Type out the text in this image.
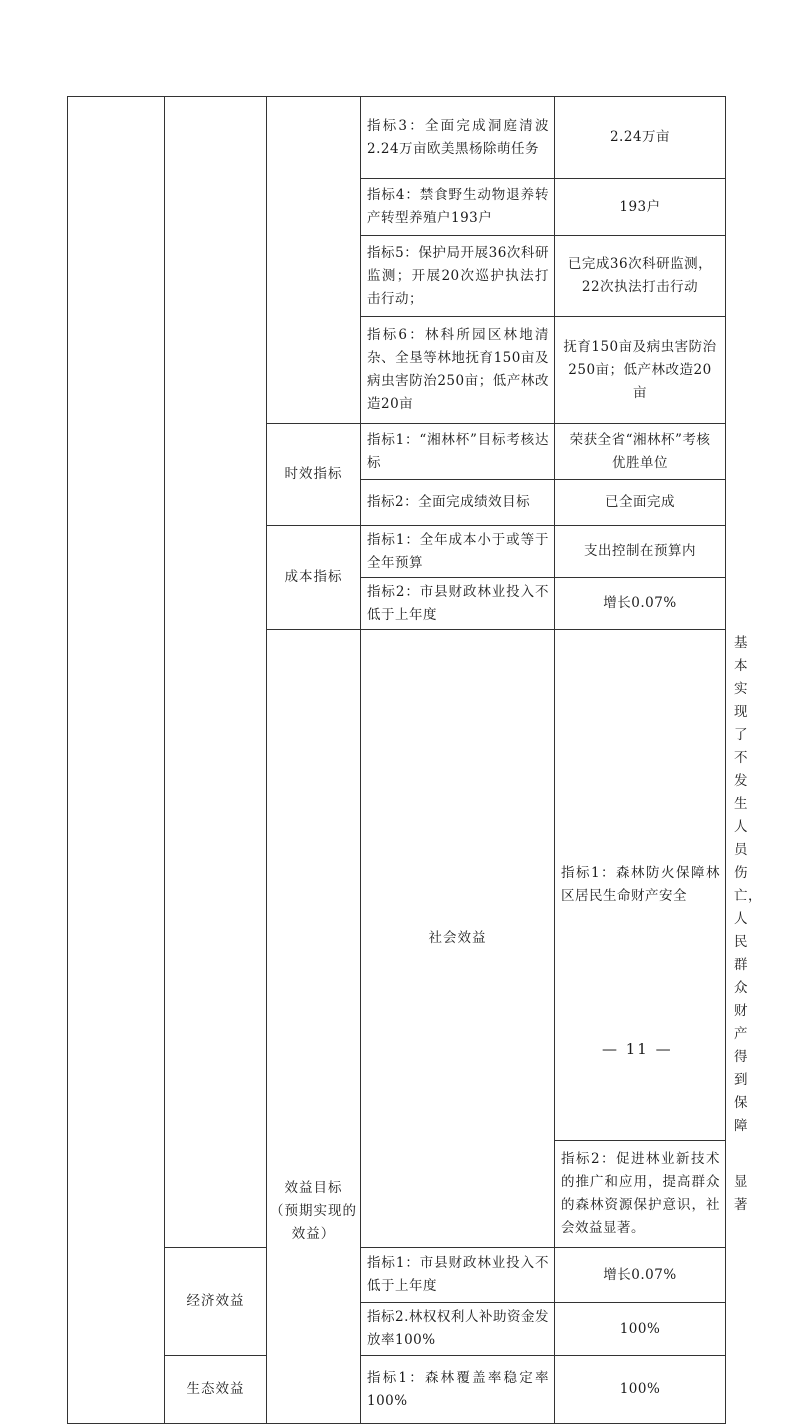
			指标3：全面完成洞庭清波2.24万亩欧美黑杨除萌任务	2.24万亩	
			指标4：禁食野生动物退养转产转型养殖户193户	193户	
			指标5：保护局开展36次科研监测；开展20次巡护执法打击行动；	已完成36次科研监测，22次执法打击行动	
			指标6：林科所园区林地清杂、全垦等林地抚育150亩及病虫害防治250亩；低产林改造20亩	抚育150亩及病虫害防治250亩；低产林改造20亩	
		时效指标	指标1：“湘林杯”目标考核达标	荣获全省“湘林杯”考核优胜单位	
			指标2：全面完成绩效目标	已全面完成	
		成本指标	指标1：全年成本小于或等于全年预算	支出控制在预算内	
			指标2：市县财政林业投入不低于上年度	增长0.07%	

		效益目标
（预期实现的
效益）	社会效益	指标1：森林防火保障林区居民生命财产安全	基本实现了不发生人员伤亡，人民群众财产得到保障
				指标2：促进林业新技术的推广和应用，提高群众的森林资源保护意识，社会效益显著。	显著
	经济效益		指标1：市县财政林业投入不低于上年度	增长0.07%	
			指标2.林权权利人补助资金发放率100%	100%	
	生态效益		指标1：森林覆盖率稳定率100%	100%	
— 11 —
